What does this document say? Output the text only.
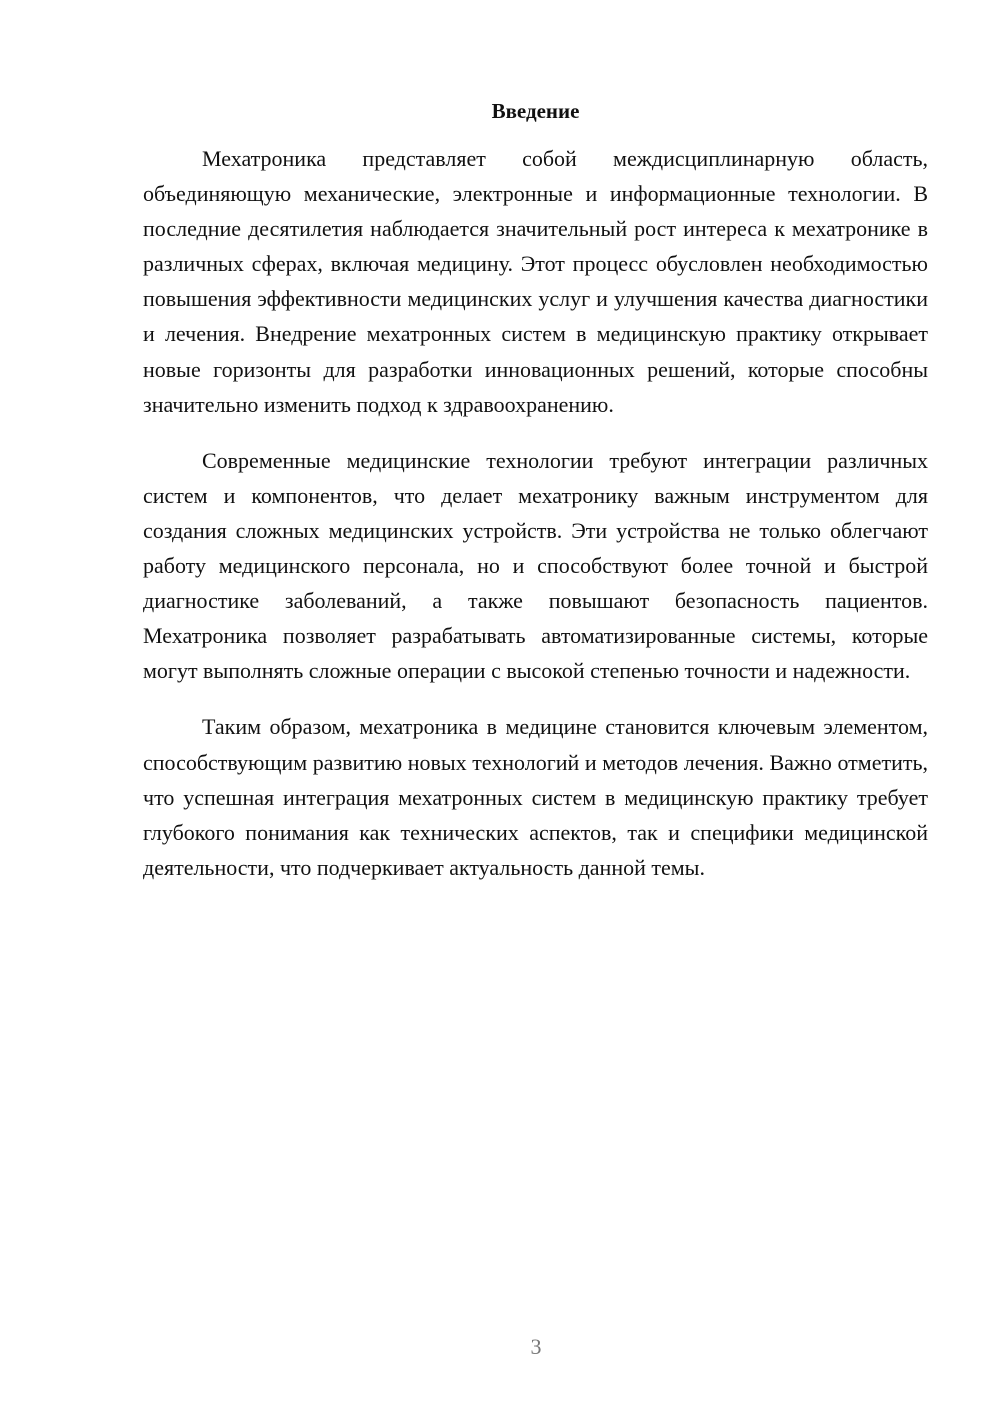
Введение

Мехатроника представляет собой междисциплинарную область, объединяющую механические, электронные и информационные технологии. В последние десятилетия наблюдается значительный рост интереса к мехатронике в различных сферах, включая медицину. Этот процесс обусловлен необходимостью повышения эффективности медицинских услуг и улучшения качества диагностики и лечения. Внедрение мехатронных систем в медицинскую практику открывает новые горизонты для разработки инновационных решений, которые способны значительно изменить подход к здравоохранению.

Современные медицинские технологии требуют интеграции различных систем и компонентов, что делает мехатронику важным инструментом для создания сложных медицинских устройств. Эти устройства не только облегчают работу медицинского персонала, но и способствуют более точной и быстрой диагностике заболеваний, а также повышают безопасность пациентов. Мехатроника позволяет разрабатывать автоматизированные системы, которые могут выполнять сложные операции с высокой степенью точности и надежности.

Таким образом, мехатроника в медицине становится ключевым элементом, способствующим развитию новых технологий и методов лечения. Важно отметить, что успешная интеграция мехатронных систем в медицинскую практику требует глубокого понимания как технических аспектов, так и специфики медицинской деятельности, что подчеркивает актуальность данной темы.

3
